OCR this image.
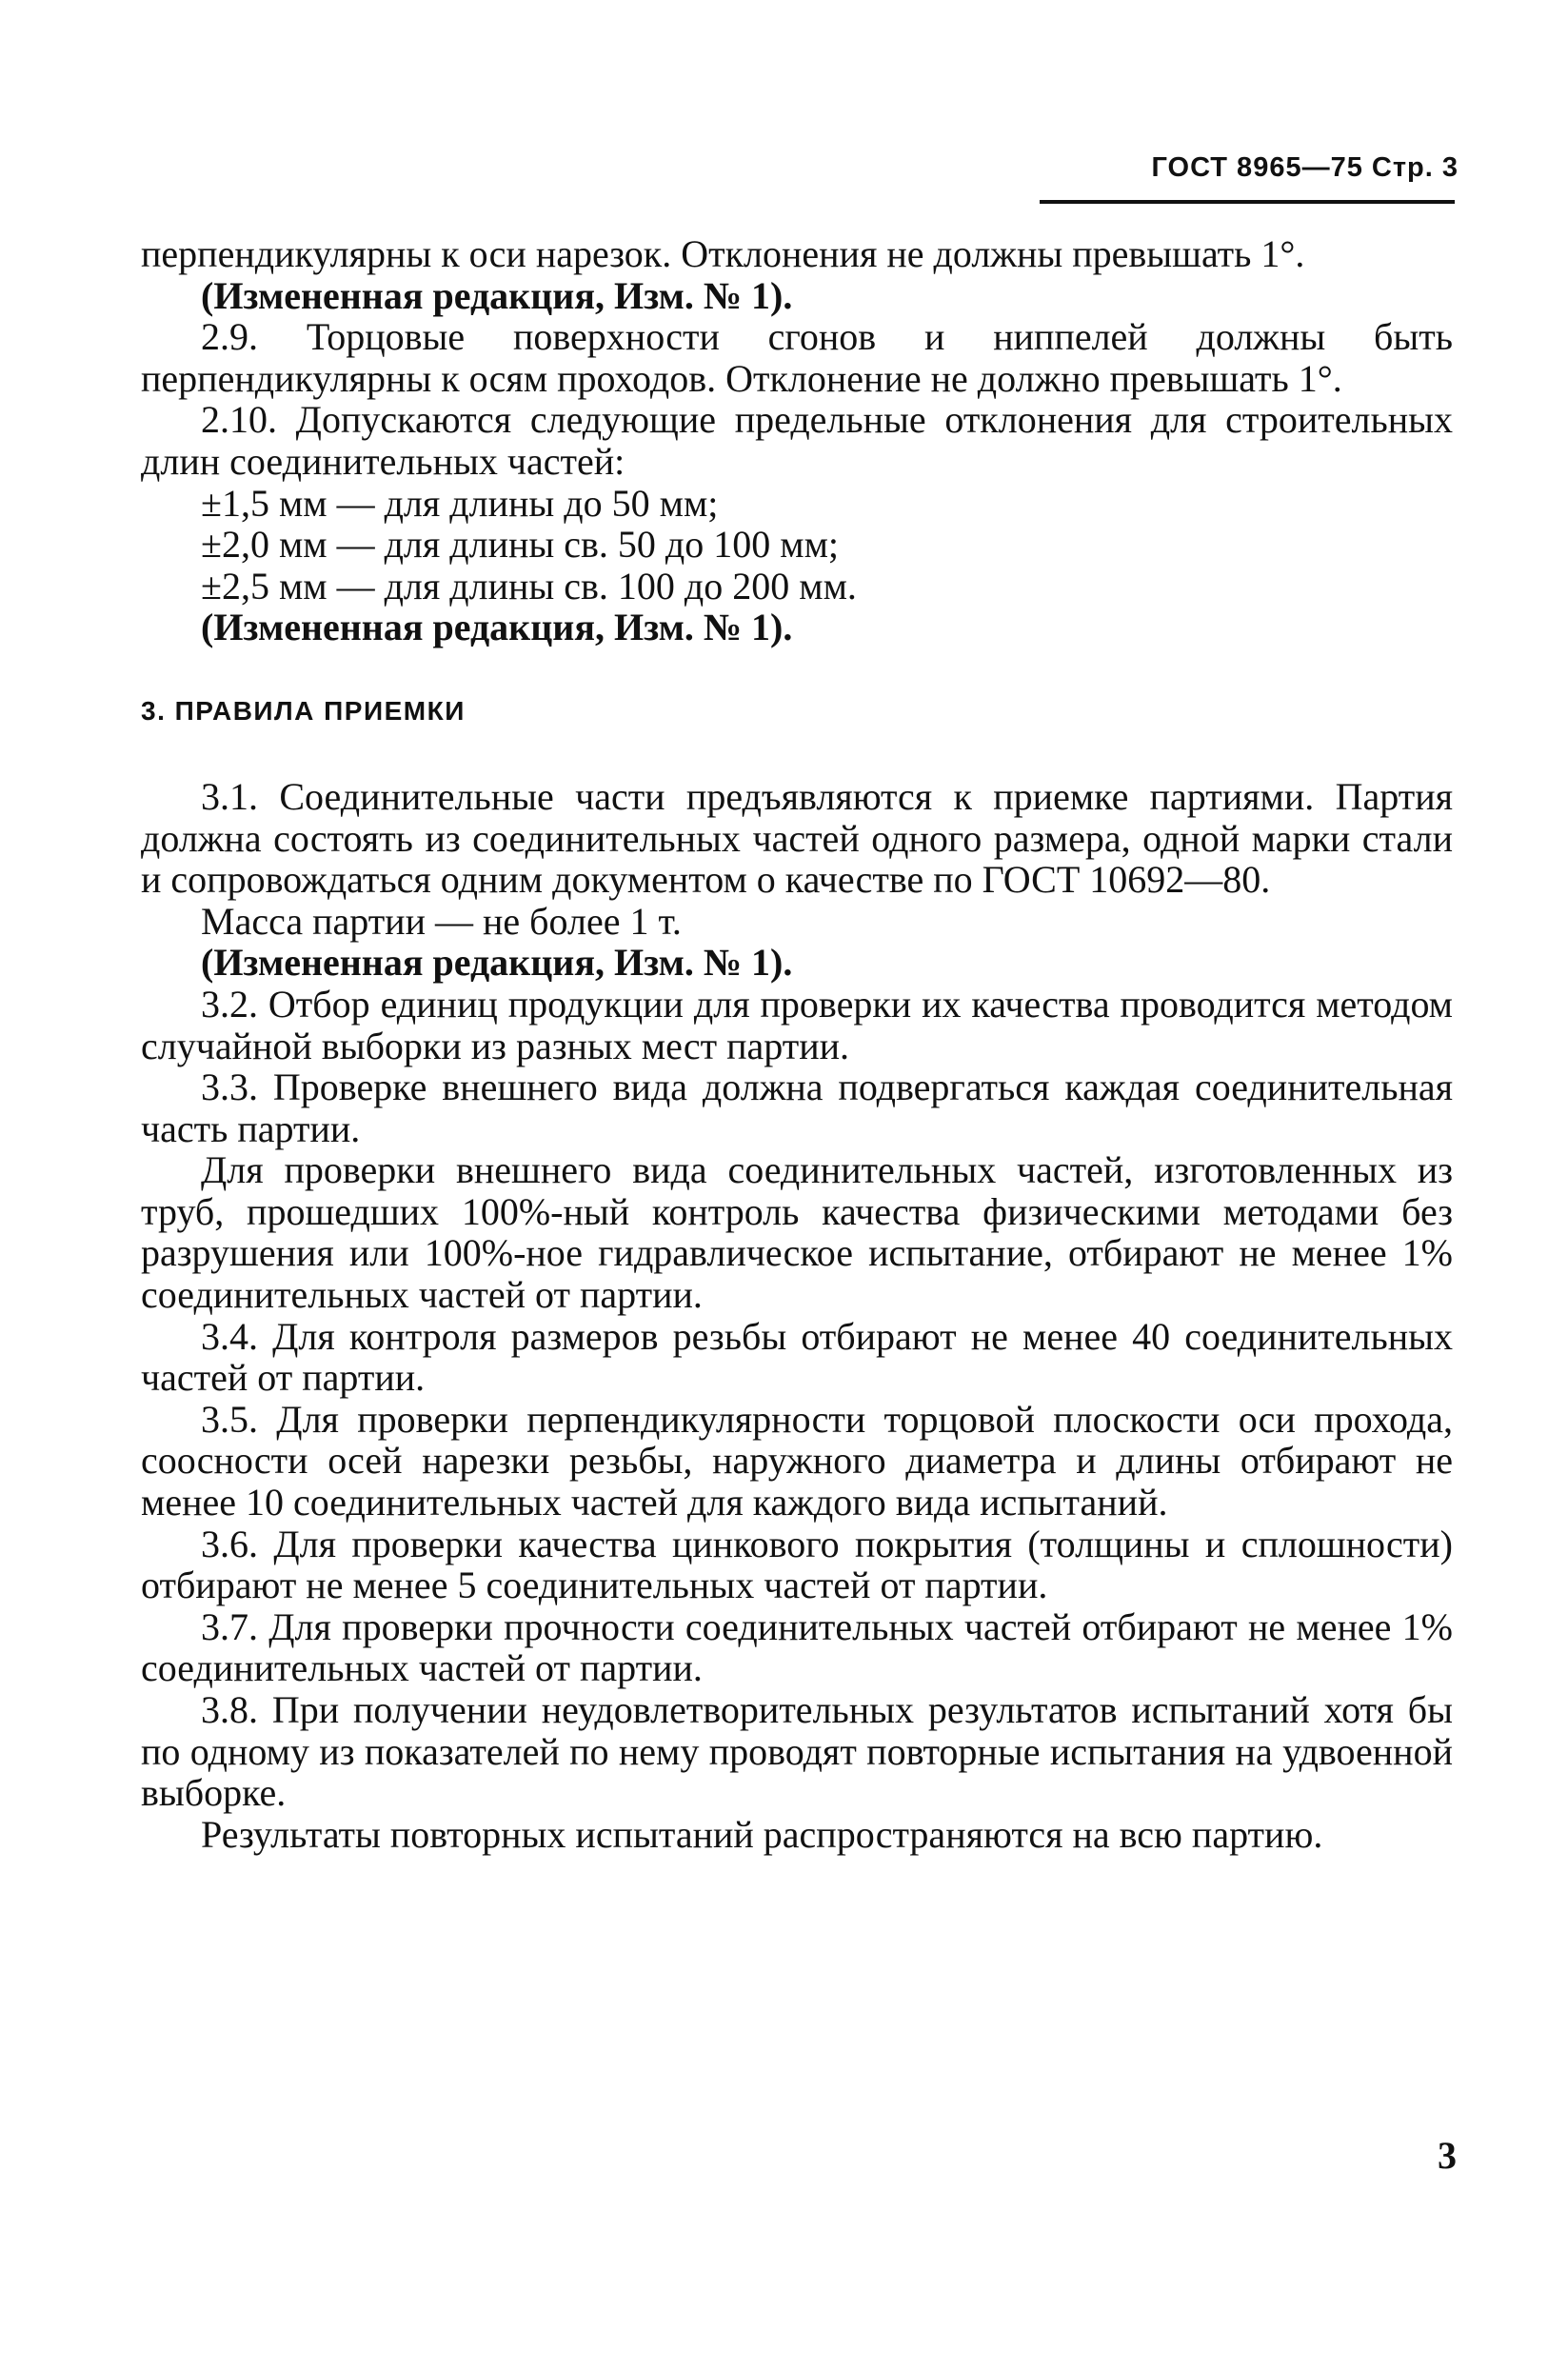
ГОСТ 8965—75 Стр. 3

перпендикулярны к оси нарезок. Отклонения не должны превышать 1°.

(Измененная редакция, Изм. № 1).

2.9. Торцовые поверхности сгонов и ниппелей должны быть перпендикулярны к осям проходов. Отклонение не должно превышать 1°.

2.10. Допускаются следующие предельные отклонения для строительных длин соединительных частей:

±1,5 мм — для длины до 50 мм;

±2,0 мм — для длины св. 50 до 100 мм;

±2,5 мм — для длины св. 100 до 200 мм.

(Измененная редакция, Изм. № 1).

3. ПРАВИЛА ПРИЕМКИ

3.1. Соединительные части предъявляются к приемке партиями. Партия должна состоять из соединительных частей одного размера, одной марки стали и сопровождаться одним документом о качестве по ГОСТ 10692—80.

Масса партии — не более 1 т.

(Измененная редакция, Изм. № 1).

3.2. Отбор единиц продукции для проверки их качества проводится методом случайной выборки из разных мест партии.

3.3. Проверке внешнего вида должна подвергаться каждая соединительная часть партии.

Для проверки внешнего вида соединительных частей, изготовленных из труб, прошедших 100%-ный контроль качества физическими методами без разрушения или 100%-ное гидравлическое испытание, отбирают не менее 1% соединительных частей от партии.

3.4. Для контроля размеров резьбы отбирают не менее 40 соединительных частей от партии.

3.5. Для проверки перпендикулярности торцовой плоскости оси прохода, соосности осей нарезки резьбы, наружного диаметра и длины отбирают не менее 10 соединительных частей для каждого вида испытаний.

3.6. Для проверки качества цинкового покрытия (толщины и сплошности) отбирают не менее 5 соединительных частей от партии.

3.7. Для проверки прочности соединительных частей отбирают не менее 1% соединительных частей от партии.

3.8. При получении неудовлетворительных результатов испытаний хотя бы по одному из показателей по нему проводят повторные испытания на удвоенной выборке.

Результаты повторных испытаний распространяются на всю партию.

3
